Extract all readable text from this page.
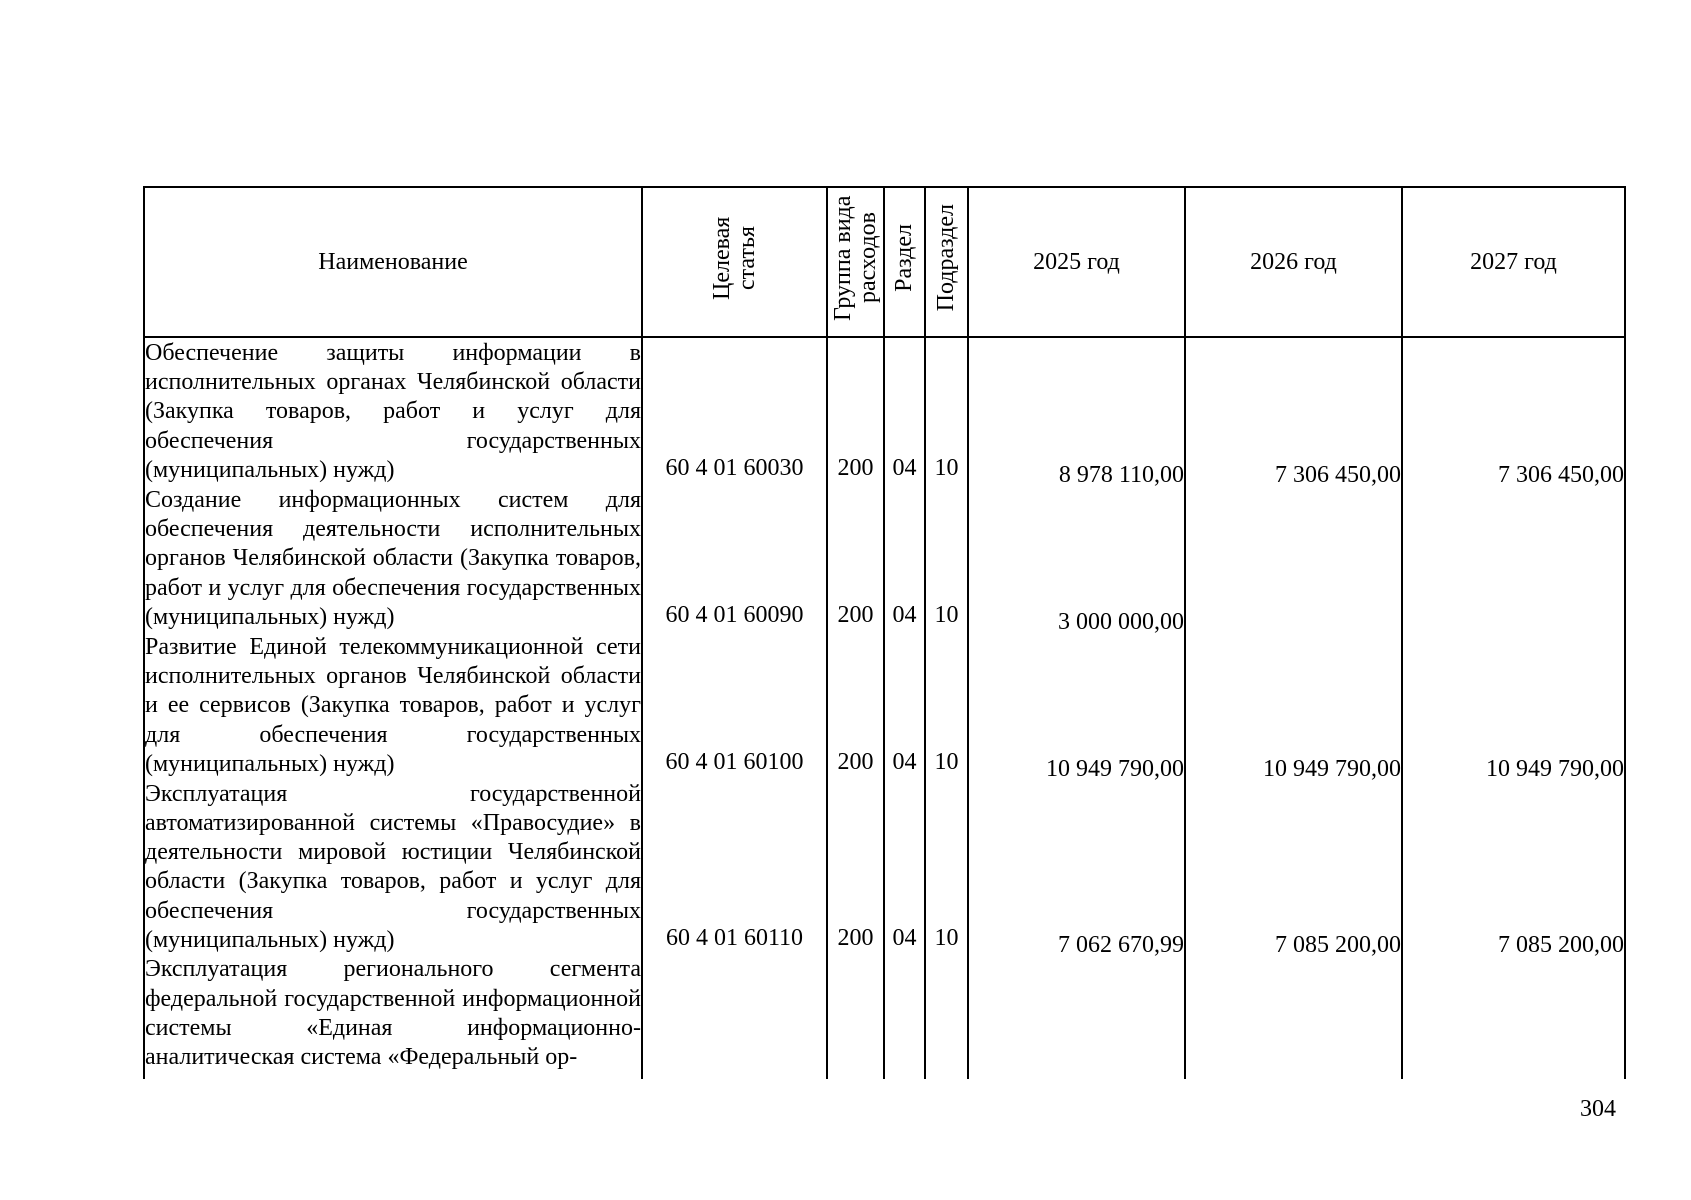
Наименование	Целевая статья	Группа вида расходов	Раздел	Подраздел	2025 год	2026 год	2027 год
Обеспечение защиты информации в исполнительных органах Челябинской области (Закупка товаров, работ и услуг для обеспечения государственных (муниципальных) нужд)	60 4 01 60030	200	04	10	8 978 110,00	7 306 450,00	7 306 450,00

Создание информационных систем для обеспечения деятельности исполнительных органов Челябинской области (Закупка товаров, работ и услуг для обеспечения государственных (муниципальных) нужд)	60 4 01 60090	200	04	10	3 000 000,00		

Развитие Единой телекоммуникационной сети исполнительных органов Челябинской области и ее сервисов (Закупка товаров, работ и услуг для обеспечения государственных (муниципальных) нужд)	60 4 01 60100	200	04	10	10 949 790,00	10 949 790,00	10 949 790,00

Эксплуатация государственной автоматизированной системы «Правосудие» в деятельности мировой юстиции Челябинской области (Закупка товаров, работ и услуг для обеспечения государственных (муниципальных) нужд)	60 4 01 60110	200	04	10	7 062 670,99	7 085 200,00	7 085 200,00

Эксплуатация регионального сегмента федеральной государственной информационной системы «Единая информационно-аналитическая система «Федеральный ор-	

304
